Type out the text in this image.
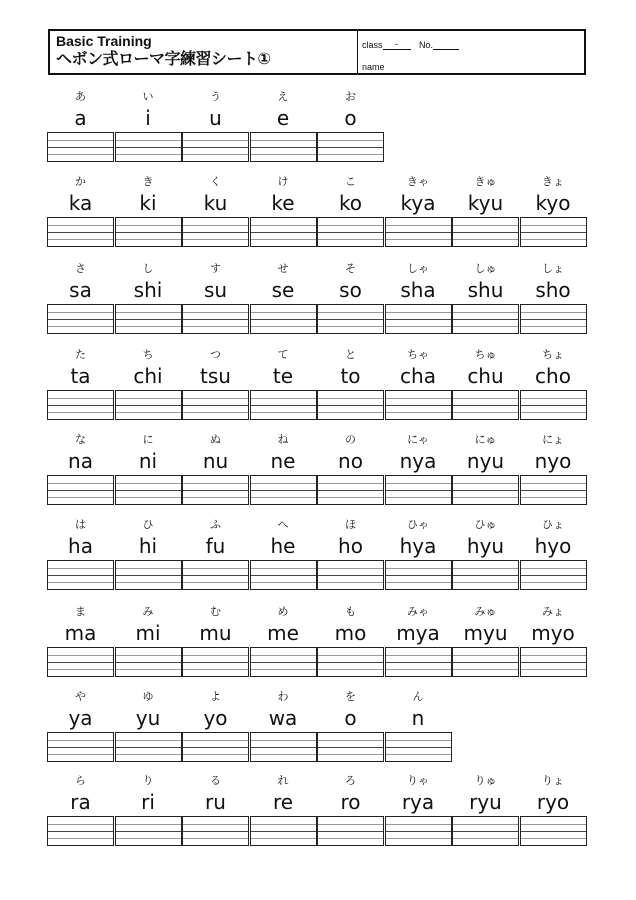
Basic Training
ヘボン式ローマ字練習シート①
class - No.
name
あ
a
い
i
う
u
え
e
お
o
か
ka
き
ki
く
ku
け
ke
こ
ko
きゃ
kya
きゅ
kyu
きょ
kyo
さ
sa
し
shi
す
su
せ
se
そ
so
しゃ
sha
しゅ
shu
しょ
sho
た
ta
ち
chi
つ
tsu
て
te
と
to
ちゃ
cha
ちゅ
chu
ちょ
cho
な
na
に
ni
ぬ
nu
ね
ne
の
no
にゃ
nya
にゅ
nyu
にょ
nyo
は
ha
ひ
hi
ふ
fu
へ
he
ほ
ho
ひゃ
hya
ひゅ
hyu
ひょ
hyo
ま
ma
み
mi
む
mu
め
me
も
mo
みゃ
mya
みゅ
myu
みょ
myo
や
ya
ゆ
yu
よ
yo
わ
wa
を
o
ん
n
ら
ra
り
ri
る
ru
れ
re
ろ
ro
りゃ
rya
りゅ
ryu
りょ
ryo
